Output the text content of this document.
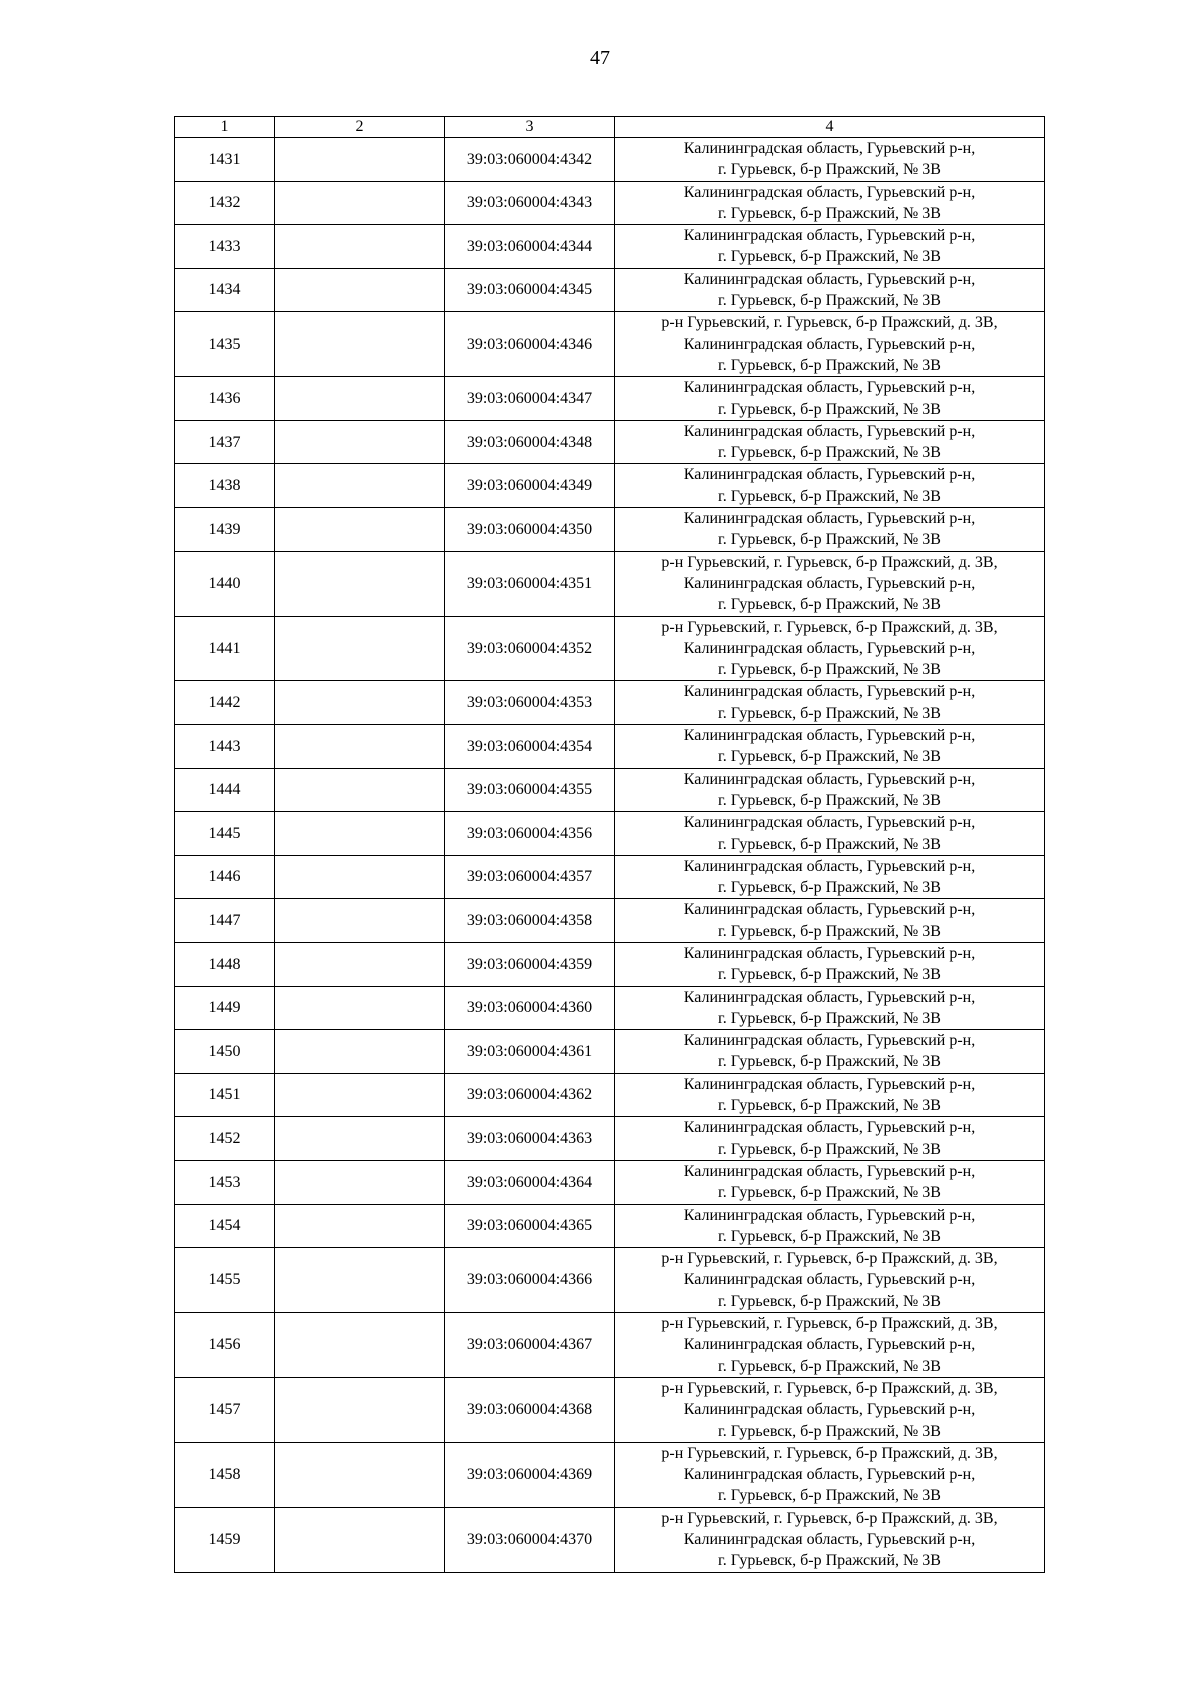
47
1	2	3	4
1431		39:03:060004:4342	Калининградская область, Гурьевский р-н,
г. Гурьевск, б-р Пражский, № 3В

1432		39:03:060004:4343	Калининградская область, Гурьевский р-н,
г. Гурьевск, б-р Пражский, № 3В

1433		39:03:060004:4344	Калининградская область, Гурьевский р-н,
г. Гурьевск, б-р Пражский, № 3В

1434		39:03:060004:4345	Калининградская область, Гурьевский р-н,
г. Гурьевск, б-р Пражский, № 3В

1435		39:03:060004:4346	р-н Гурьевский, г. Гурьевск, б-р Пражский, д. 3В,
Калининградская область, Гурьевский р-н,
г. Гурьевск, б-р Пражский, № 3В

1436		39:03:060004:4347	Калининградская область, Гурьевский р-н,
г. Гурьевск, б-р Пражский, № 3В

1437		39:03:060004:4348	Калининградская область, Гурьевский р-н,
г. Гурьевск, б-р Пражский, № 3В

1438		39:03:060004:4349	Калининградская область, Гурьевский р-н,
г. Гурьевск, б-р Пражский, № 3В

1439		39:03:060004:4350	Калининградская область, Гурьевский р-н,
г. Гурьевск, б-р Пражский, № 3В

1440		39:03:060004:4351	р-н Гурьевский, г. Гурьевск, б-р Пражский, д. 3В,
Калининградская область, Гурьевский р-н,
г. Гурьевск, б-р Пражский, № 3В

1441		39:03:060004:4352	р-н Гурьевский, г. Гурьевск, б-р Пражский, д. 3В,
Калининградская область, Гурьевский р-н,
г. Гурьевск, б-р Пражский, № 3В

1442		39:03:060004:4353	Калининградская область, Гурьевский р-н,
г. Гурьевск, б-р Пражский, № 3В

1443		39:03:060004:4354	Калининградская область, Гурьевский р-н,
г. Гурьевск, б-р Пражский, № 3В

1444		39:03:060004:4355	Калининградская область, Гурьевский р-н,
г. Гурьевск, б-р Пражский, № 3В

1445		39:03:060004:4356	Калининградская область, Гурьевский р-н,
г. Гурьевск, б-р Пражский, № 3В

1446		39:03:060004:4357	Калининградская область, Гурьевский р-н,
г. Гурьевск, б-р Пражский, № 3В

1447		39:03:060004:4358	Калининградская область, Гурьевский р-н,
г. Гурьевск, б-р Пражский, № 3В

1448		39:03:060004:4359	Калининградская область, Гурьевский р-н,
г. Гурьевск, б-р Пражский, № 3В

1449		39:03:060004:4360	Калининградская область, Гурьевский р-н,
г. Гурьевск, б-р Пражский, № 3В

1450		39:03:060004:4361	Калининградская область, Гурьевский р-н,
г. Гурьевск, б-р Пражский, № 3В

1451		39:03:060004:4362	Калининградская область, Гурьевский р-н,
г. Гурьевск, б-р Пражский, № 3В

1452		39:03:060004:4363	Калининградская область, Гурьевский р-н,
г. Гурьевск, б-р Пражский, № 3В

1453		39:03:060004:4364	Калининградская область, Гурьевский р-н,
г. Гурьевск, б-р Пражский, № 3В

1454		39:03:060004:4365	Калининградская область, Гурьевский р-н,
г. Гурьевск, б-р Пражский, № 3В

1455		39:03:060004:4366	р-н Гурьевский, г. Гурьевск, б-р Пражский, д. 3В,
Калининградская область, Гурьевский р-н,
г. Гурьевск, б-р Пражский, № 3В

1456		39:03:060004:4367	р-н Гурьевский, г. Гурьевск, б-р Пражский, д. 3В,
Калининградская область, Гурьевский р-н,
г. Гурьевск, б-р Пражский, № 3В

1457		39:03:060004:4368	р-н Гурьевский, г. Гурьевск, б-р Пражский, д. 3В,
Калининградская область, Гурьевский р-н,
г. Гурьевск, б-р Пражский, № 3В

1458		39:03:060004:4369	р-н Гурьевский, г. Гурьевск, б-р Пражский, д. 3В,
Калининградская область, Гурьевский р-н,
г. Гурьевск, б-р Пражский, № 3В

1459		39:03:060004:4370	р-н Гурьевский, г. Гурьевск, б-р Пражский, д. 3В,
Калининградская область, Гурьевский р-н,
г. Гурьевск, б-р Пражский, № 3В
